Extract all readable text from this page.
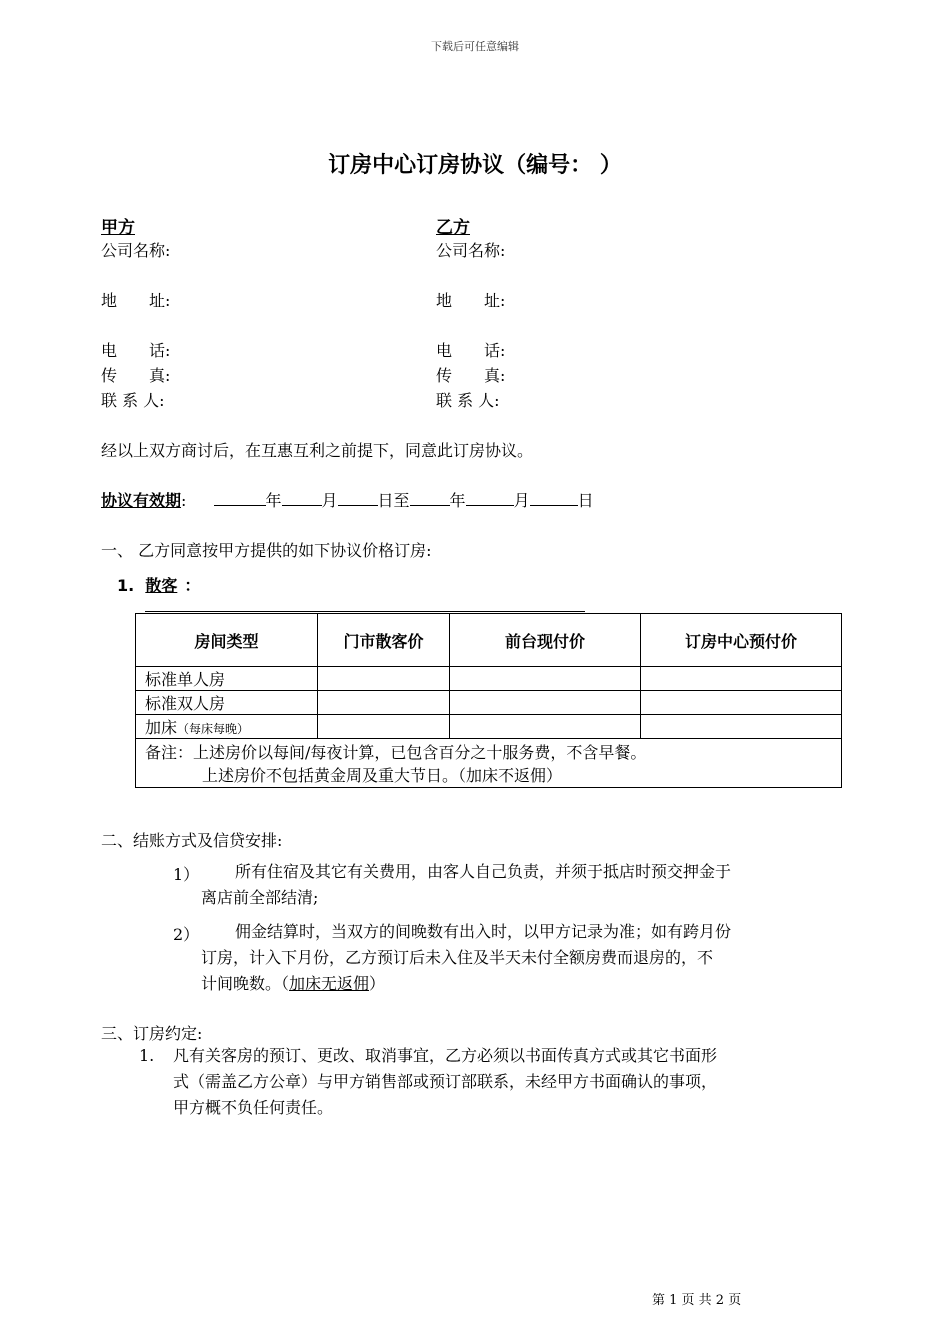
下载后可任意编辑
订房中心订房协议（编号： ）
甲方
公司名称:
地　　址:
电　　话:
传　　真:
联 系 人:
乙方
公司名称:
地　　址:
电　　话:
传　　真:
联 系 人:
经以上双方商讨后，在互惠互利之前提下，同意此订房协议。
协议有效期:	年	月	日至	年	月	日
一、 乙方同意按甲方提供的如下协议价格订房:
1. 散客 ：
房间类型	门市散客价	前台现付价	订房中心预付价
标准单人房			
标准双人房			
加床（每床每晚）			

备注：上述房价以每间/每夜计算，已包含百分之十服务费，不含早餐。
上述房价不包括黄金周及重大节日。（加床不返佣）			
二、结账方式及信贷安排:
1）	所有住宿及其它有关费用，由客人自己负责，并须于抵店时预交押金于
离店前全部结清;
2）	佣金结算时，当双方的间晚数有出入时，以甲方记录为准；如有跨月份
订房，计入下月份，乙方预订后未入住及半天未付全额房费而退房的，不
计间晚数。（加床无返佣）
三、订房约定:
1. 凡有关客房的预订、更改、取消事宜，乙方必须以书面传真方式或其它书面形
式（需盖乙方公章）与甲方销售部或预订部联系，未经甲方书面确认的事项，
甲方概不负任何责任。
第 1 页 共 2 页
